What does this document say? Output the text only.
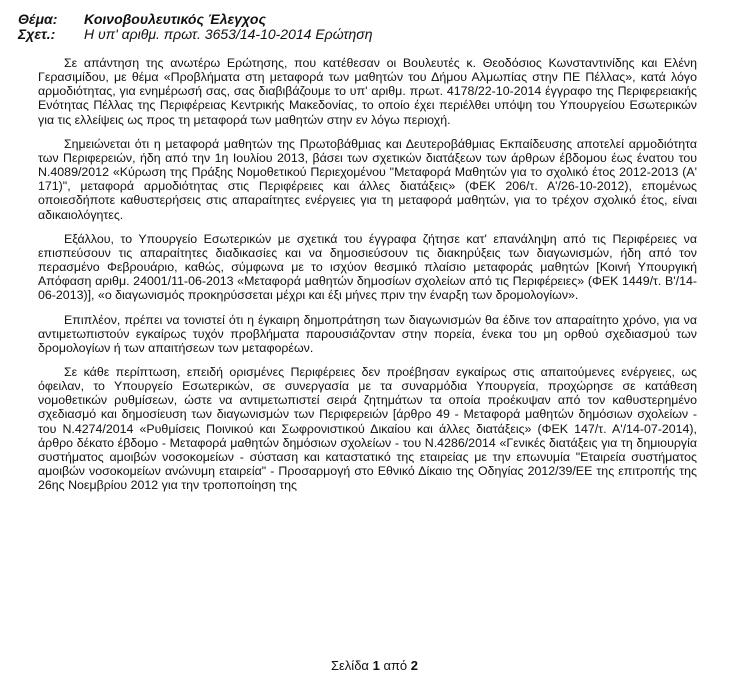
Θέμα:	Κοινοβουλευτικός Έλεγχος
Σχετ.:	Η υπ' αριθμ. πρωτ. 3653/14-10-2014 Ερώτηση

Σε απάντηση της ανωτέρω Ερώτησης, που κατέθεσαν οι Βουλευτές κ. Θεοδόσιος Κωνσταντινίδης και Ελένη Γερασιμίδου, με θέμα «Προβλήματα στη μεταφορά των μαθητών του Δήμου Αλμωπίας στην ΠΕ Πέλλας», κατά λόγο αρμοδιότητας, για ενημέρωσή σας, σας διαβιβάζουμε το υπ' αριθμ. πρωτ. 4178/22-10-2014 έγγραφο της Περιφερειακής Ενότητας Πέλλας της Περιφέρειας Κεντρικής Μακεδονίας, το οποίο έχει περιέλθει υπόψη του Υπουργείου Εσωτερικών για τις ελλείψεις ως προς τη μεταφορά των μαθητών στην εν λόγω περιοχή.

Σημειώνεται ότι η μεταφορά μαθητών της Πρωτοβάθμιας και Δευτεροβάθμιας Εκπαίδευσης αποτελεί αρμοδιότητα των Περιφερειών, ήδη από την 1η Ιουλίου 2013, βάσει των σχετικών διατάξεων των άρθρων έβδομου έως ένατου του Ν.4089/2012 «Κύρωση της Πράξης Νομοθετικού Περιεχομένου "Μεταφορά Μαθητών για το σχολικό έτος 2012-2013 (Α' 171)", μεταφορά αρμοδιότητας στις Περιφέρειες και άλλες διατάξεις» (ΦΕΚ 206/τ. Α'/26-10-2012), επομένως οποιεσδήποτε καθυστερήσεις στις απαραίτητες ενέργειες για τη μεταφορά μαθητών, για το τρέχον σχολικό έτος, είναι αδικαιολόγητες.

Εξάλλου, το Υπουργείο Εσωτερικών με σχετικά του έγγραφα ζήτησε κατ' επανάληψη από τις Περιφέρειες να επισπεύσουν τις απαραίτητες διαδικασίες και να δημοσιεύσουν τις διακηρύξεις των διαγωνισμών, ήδη από τον περασμένο Φεβρουάριο, καθώς, σύμφωνα με το ισχύον θεσμικό πλαίσιο μεταφοράς μαθητών [Κοινή Υπουργική Απόφαση αριθμ. 24001/11-06-2013 «Μεταφορά μαθητών δημοσίων σχολείων από τις Περιφέρειες» (ΦΕΚ 1449/τ. Β'/14-06-2013)], «ο διαγωνισμός προκηρύσσεται μέχρι και έξι μήνες πριν την έναρξη των δρομολογίων».

Επιπλέον, πρέπει να τονιστεί ότι η έγκαιρη δημοπράτηση των διαγωνισμών θα έδινε τον απαραίτητο χρόνο, για να αντιμετωπιστούν εγκαίρως τυχόν προβλήματα παρουσιάζονταν στην πορεία, ένεκα του μη ορθού σχεδιασμού των δρομολογίων ή των απαιτήσεων των μεταφορέων.

Σε κάθε περίπτωση, επειδή ορισμένες Περιφέρειες δεν προέβησαν εγκαίρως στις απαιτούμενες ενέργειες, ως όφειλαν, το Υπουργείο Εσωτερικών, σε συνεργασία με τα συναρμόδια Υπουργεία, προχώρησε σε κατάθεση νομοθετικών ρυθμίσεων, ώστε να αντιμετωπιστεί σειρά ζητημάτων τα οποία προέκυψαν από τον καθυστερημένο σχεδιασμό και δημοσίευση των διαγωνισμών των Περιφερειών [άρθρο 49 - Μεταφορά μαθητών δημόσιων σχολείων - του Ν.4274/2014 «Ρυθμίσεις Ποινικού και Σωφρονιστικού Δικαίου και άλλες διατάξεις» (ΦΕΚ 147/τ. Α'/14-07-2014), άρθρο δέκατο έβδομο - Μεταφορά μαθητών δημόσιων σχολείων - του Ν.4286/2014 «Γενικές διατάξεις για τη δημιουργία συστήματος αμοιβών νοσοκομείων - σύσταση και καταστατικό της εταιρείας με την επωνυμία "Εταιρεία συστήματος αμοιβών νοσοκομείων ανώνυμη εταιρεία" - Προσαρμογή στο Εθνικό Δίκαιο της Οδηγίας 2012/39/ΕΕ της επιτροπής της 26ης Νοεμβρίου 2012 για την τροποποίηση της

Σελίδα 1 από 2
